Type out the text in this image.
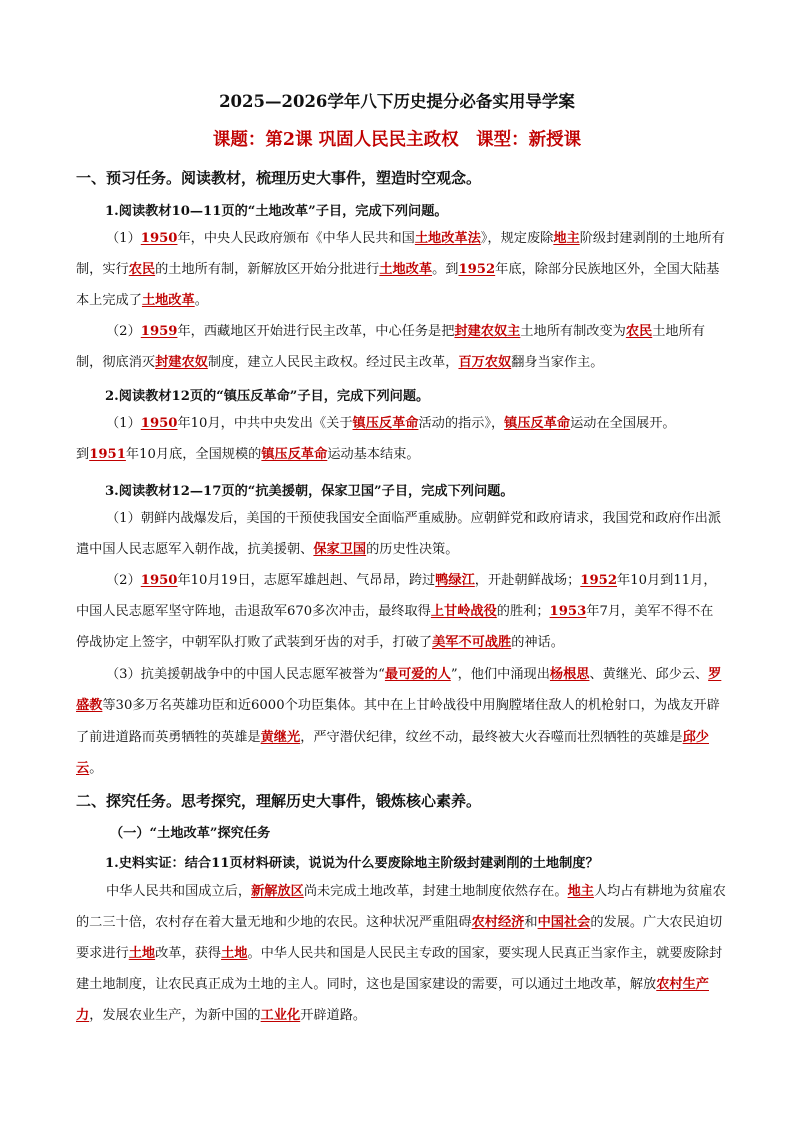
2025—2026学年八下历史提分必备实用导学案
课题：第2课 巩固人民民主政权　课型：新授课
一、预习任务。阅读教材，梳理历史大事件，塑造时空观念。
1.阅读教材10—11页的“土地改革”子目，完成下列问题。
（1）1950年，中央人民政府颁布《中华人民共和国土地改革法》，规定废除地主阶级封建剥削的土地所有制，实行农民的土地所有制，新解放区开始分批进行土地改革。到1952年底，除部分民族地区外，全国大陆基本上完成了土地改革。
（2）1959年，西藏地区开始进行民主改革，中心任务是把封建农奴主土地所有制改变为农民土地所有制，彻底消灭封建农奴制度，建立人民民主政权。经过民主改革，百万农奴翻身当家作主。
2.阅读教材12页的“镇压反革命”子目，完成下列问题。
（1）1950年10月，中共中央发出《关于镇压反革命活动的指示》，镇压反革命运动在全国展开。
到1951年10月底，全国规模的镇压反革命运动基本结束。
3.阅读教材12—17页的“抗美援朝，保家卫国”子目，完成下列问题。
（1）朝鲜内战爆发后，美国的干预使我国安全面临严重威胁。应朝鲜党和政府请求，我国党和政府作出派遣中国人民志愿军入朝作战，抗美援朝、保家卫国的历史性决策。
（2）1950年10月19日，志愿军雄赳赳、气昂昂，跨过鸭绿江，开赴朝鲜战场；1952年10月到11月，中国人民志愿军坚守阵地，击退敌军670多次冲击，最终取得上甘岭战役的胜利；1953年7月，美军不得不在停战协定上签字，中朝军队打败了武装到牙齿的对手，打破了美军不可战胜的神话。
（3）抗美援朝战争中的中国人民志愿军被誉为“最可爱的人”，他们中涌现出杨根思、黄继光、邱少云、罗盛教等30多万名英雄功臣和近6000个功臣集体。其中在上甘岭战役中用胸膛堵住敌人的机枪射口，为战友开辟了前进道路而英勇牺牲的英雄是黄继光，严守潜伏纪律，纹丝不动，最终被大火吞噬而壮烈牺牲的英雄是邱少云。
二、探究任务。思考探究，理解历史大事件，锻炼核心素养。
（一）“土地改革”探究任务
1.史料实证：结合11页材料研读，说说为什么要废除地主阶级封建剥削的土地制度？
中华人民共和国成立后，新解放区尚未完成土地改革，封建土地制度依然存在。地主人均占有耕地为贫雇农的二三十倍，农村存在着大量无地和少地的农民。这种状况严重阻碍农村经济和中国社会的发展。广大农民迫切要求进行土地改革，获得土地。中华人民共和国是人民民主专政的国家，要实现人民真正当家作主，就要废除封建土地制度，让农民真正成为土地的主人。同时，这也是国家建设的需要，可以通过土地改革，解放农村生产力，发展农业生产，为新中国的工业化开辟道路。
